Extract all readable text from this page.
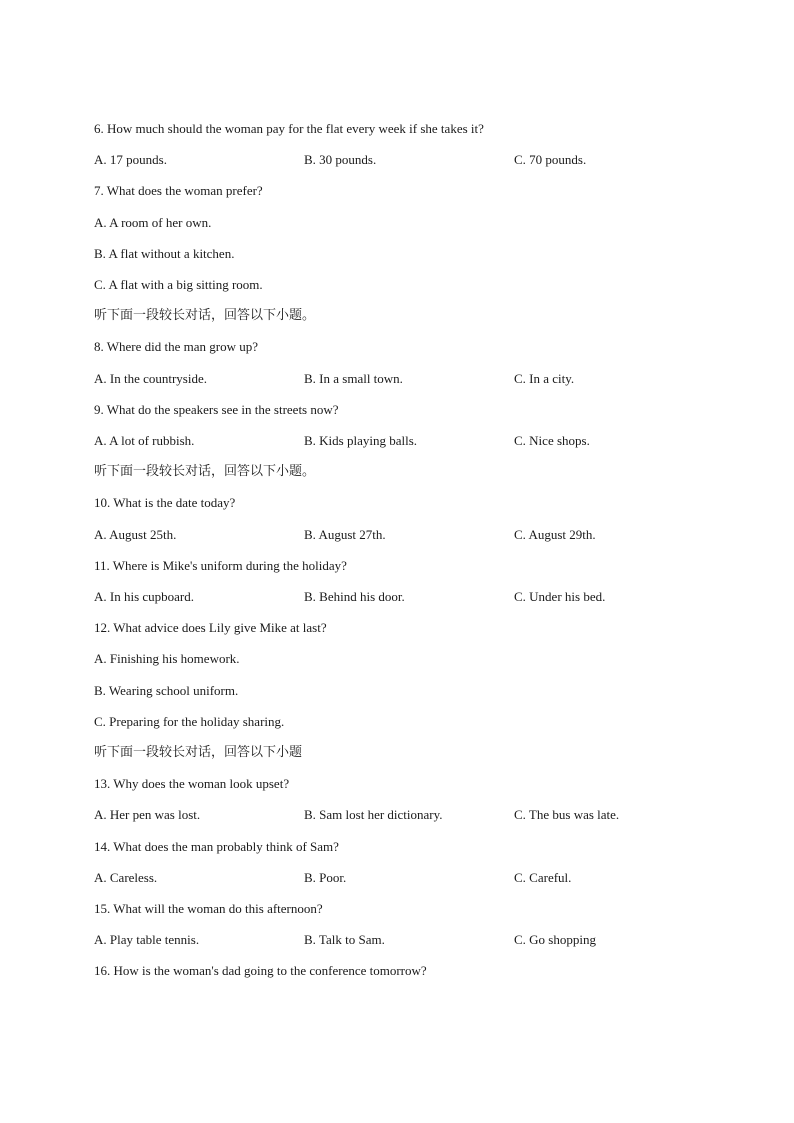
6. How much should the woman pay for the flat every week if she takes it?
A. 17 pounds.	B. 30 pounds.	C. 70 pounds.
7. What does the woman prefer?
A. A room of her own.
B. A flat without a kitchen.
C. A flat with a big sitting room.
听下面一段较长对话，回答以下小题。
8. Where did the man grow up?
A. In the countryside.	B. In a small town.	C. In a city.
9. What do the speakers see in the streets now?
A. A lot of rubbish.	B. Kids playing balls.	C. Nice shops.
听下面一段较长对话，回答以下小题。
10. What is the date today?
A. August 25th.	B. August 27th.	C. August 29th.
11. Where is Mike's uniform during the holiday?
A. In his cupboard.	B. Behind his door.	C. Under his bed.
12. What advice does Lily give Mike at last?
A. Finishing his homework.
B. Wearing school uniform.
C. Preparing for the holiday sharing.
听下面一段较长对话，回答以下小题
13. Why does the woman look upset?
A. Her pen was lost.	B. Sam lost her dictionary.	C. The bus was late.
14. What does the man probably think of Sam?
A. Careless.	B. Poor.	C. Careful.
15. What will the woman do this afternoon?
A. Play table tennis.	B. Talk to Sam.	C. Go shopping
16. How is the woman's dad going to the conference tomorrow?
